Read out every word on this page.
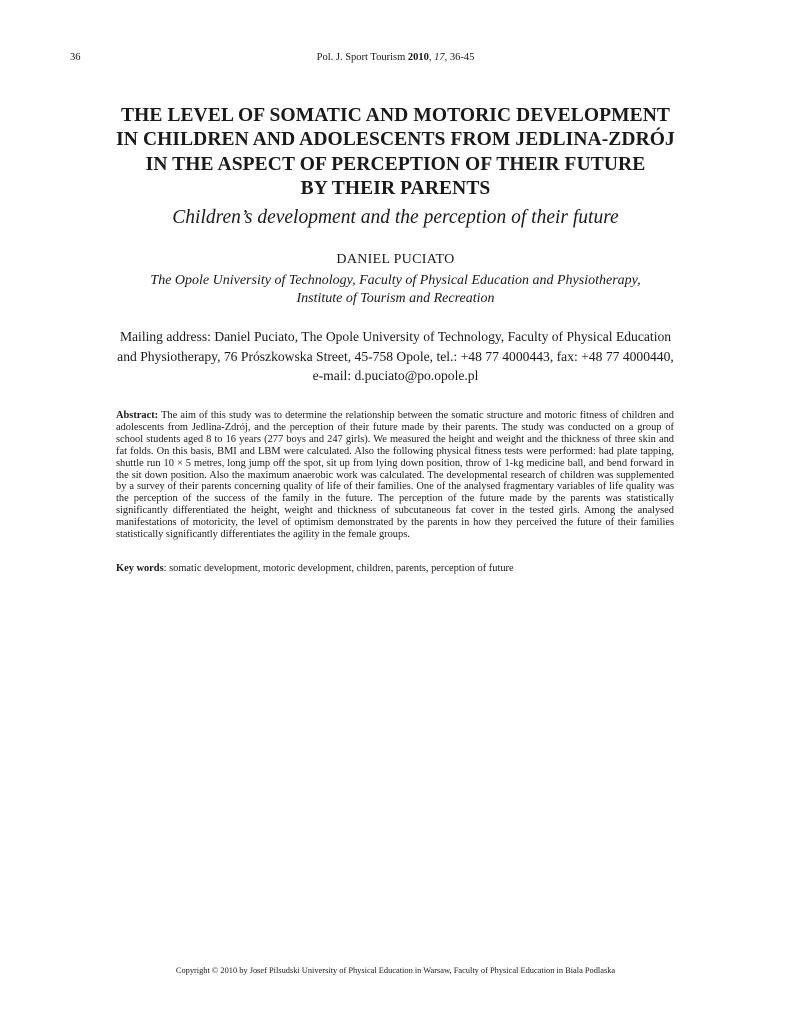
36	Pol. J. Sport Tourism 2010, 17, 36-45
THE LEVEL OF SOMATIC AND MOTORIC DEVELOPMENT
IN CHILDREN AND ADOLESCENTS FROM JEDLINA-ZDRÓJ
IN THE ASPECT OF PERCEPTION OF THEIR FUTURE
BY THEIR PARENTS
Children’s development and the perception of their future
DANIEL PUCIATO
The Opole University of Technology, Faculty of Physical Education and Physiotherapy,
Institute of Tourism and Recreation
Mailing address: Daniel Puciato, The Opole University of Technology, Faculty of Physical Education
and Physiotherapy, 76 Prószkowska Street, 45-758 Opole, tel.: +48 77 4000443, fax: +48 77 4000440,
e-mail: d.puciato@po.opole.pl

Abstract: The aim of this study was to determine the relationship between the somatic structure and motoric fitness of children and adolescents from Jedlina-Zdrój, and the perception of their future made by their parents. The study was conducted on a group of school students aged 8 to 16 years (277 boys and 247 girls). We measured the height and weight and the thickness of three skin and fat folds. On this basis, BMI and LBM were calculated. Also the following physical fitness tests were performed: had plate tapping, shuttle run 10 × 5 metres, long jump off the spot, sit up from lying down position, throw of 1-kg medicine ball, and bend forward in the sit down position. Also the maximum anaerobic work was calculated. The developmental research of children was supplemented by a survey of their parents concerning quality of life of their families. One of the analysed fragmentary variables of life quality was the perception of the success of the family in the future. The perception of the future made by the parents was statistically significantly differentiated the height, weight and thickness of subcutaneous fat cover in the tested girls. Among the analysed manifestations of motoricity, the level of optimism demonstrated by the parents in how they perceived the future of their families statistically significantly differentiates the agility in the female groups.

Key words: somatic development, motoric development, children, parents, perception of future
Copyright © 2010 by Josef Pilsudski University of Physical Education in Warsaw, Faculty of Physical Education in Biala Podlaska
